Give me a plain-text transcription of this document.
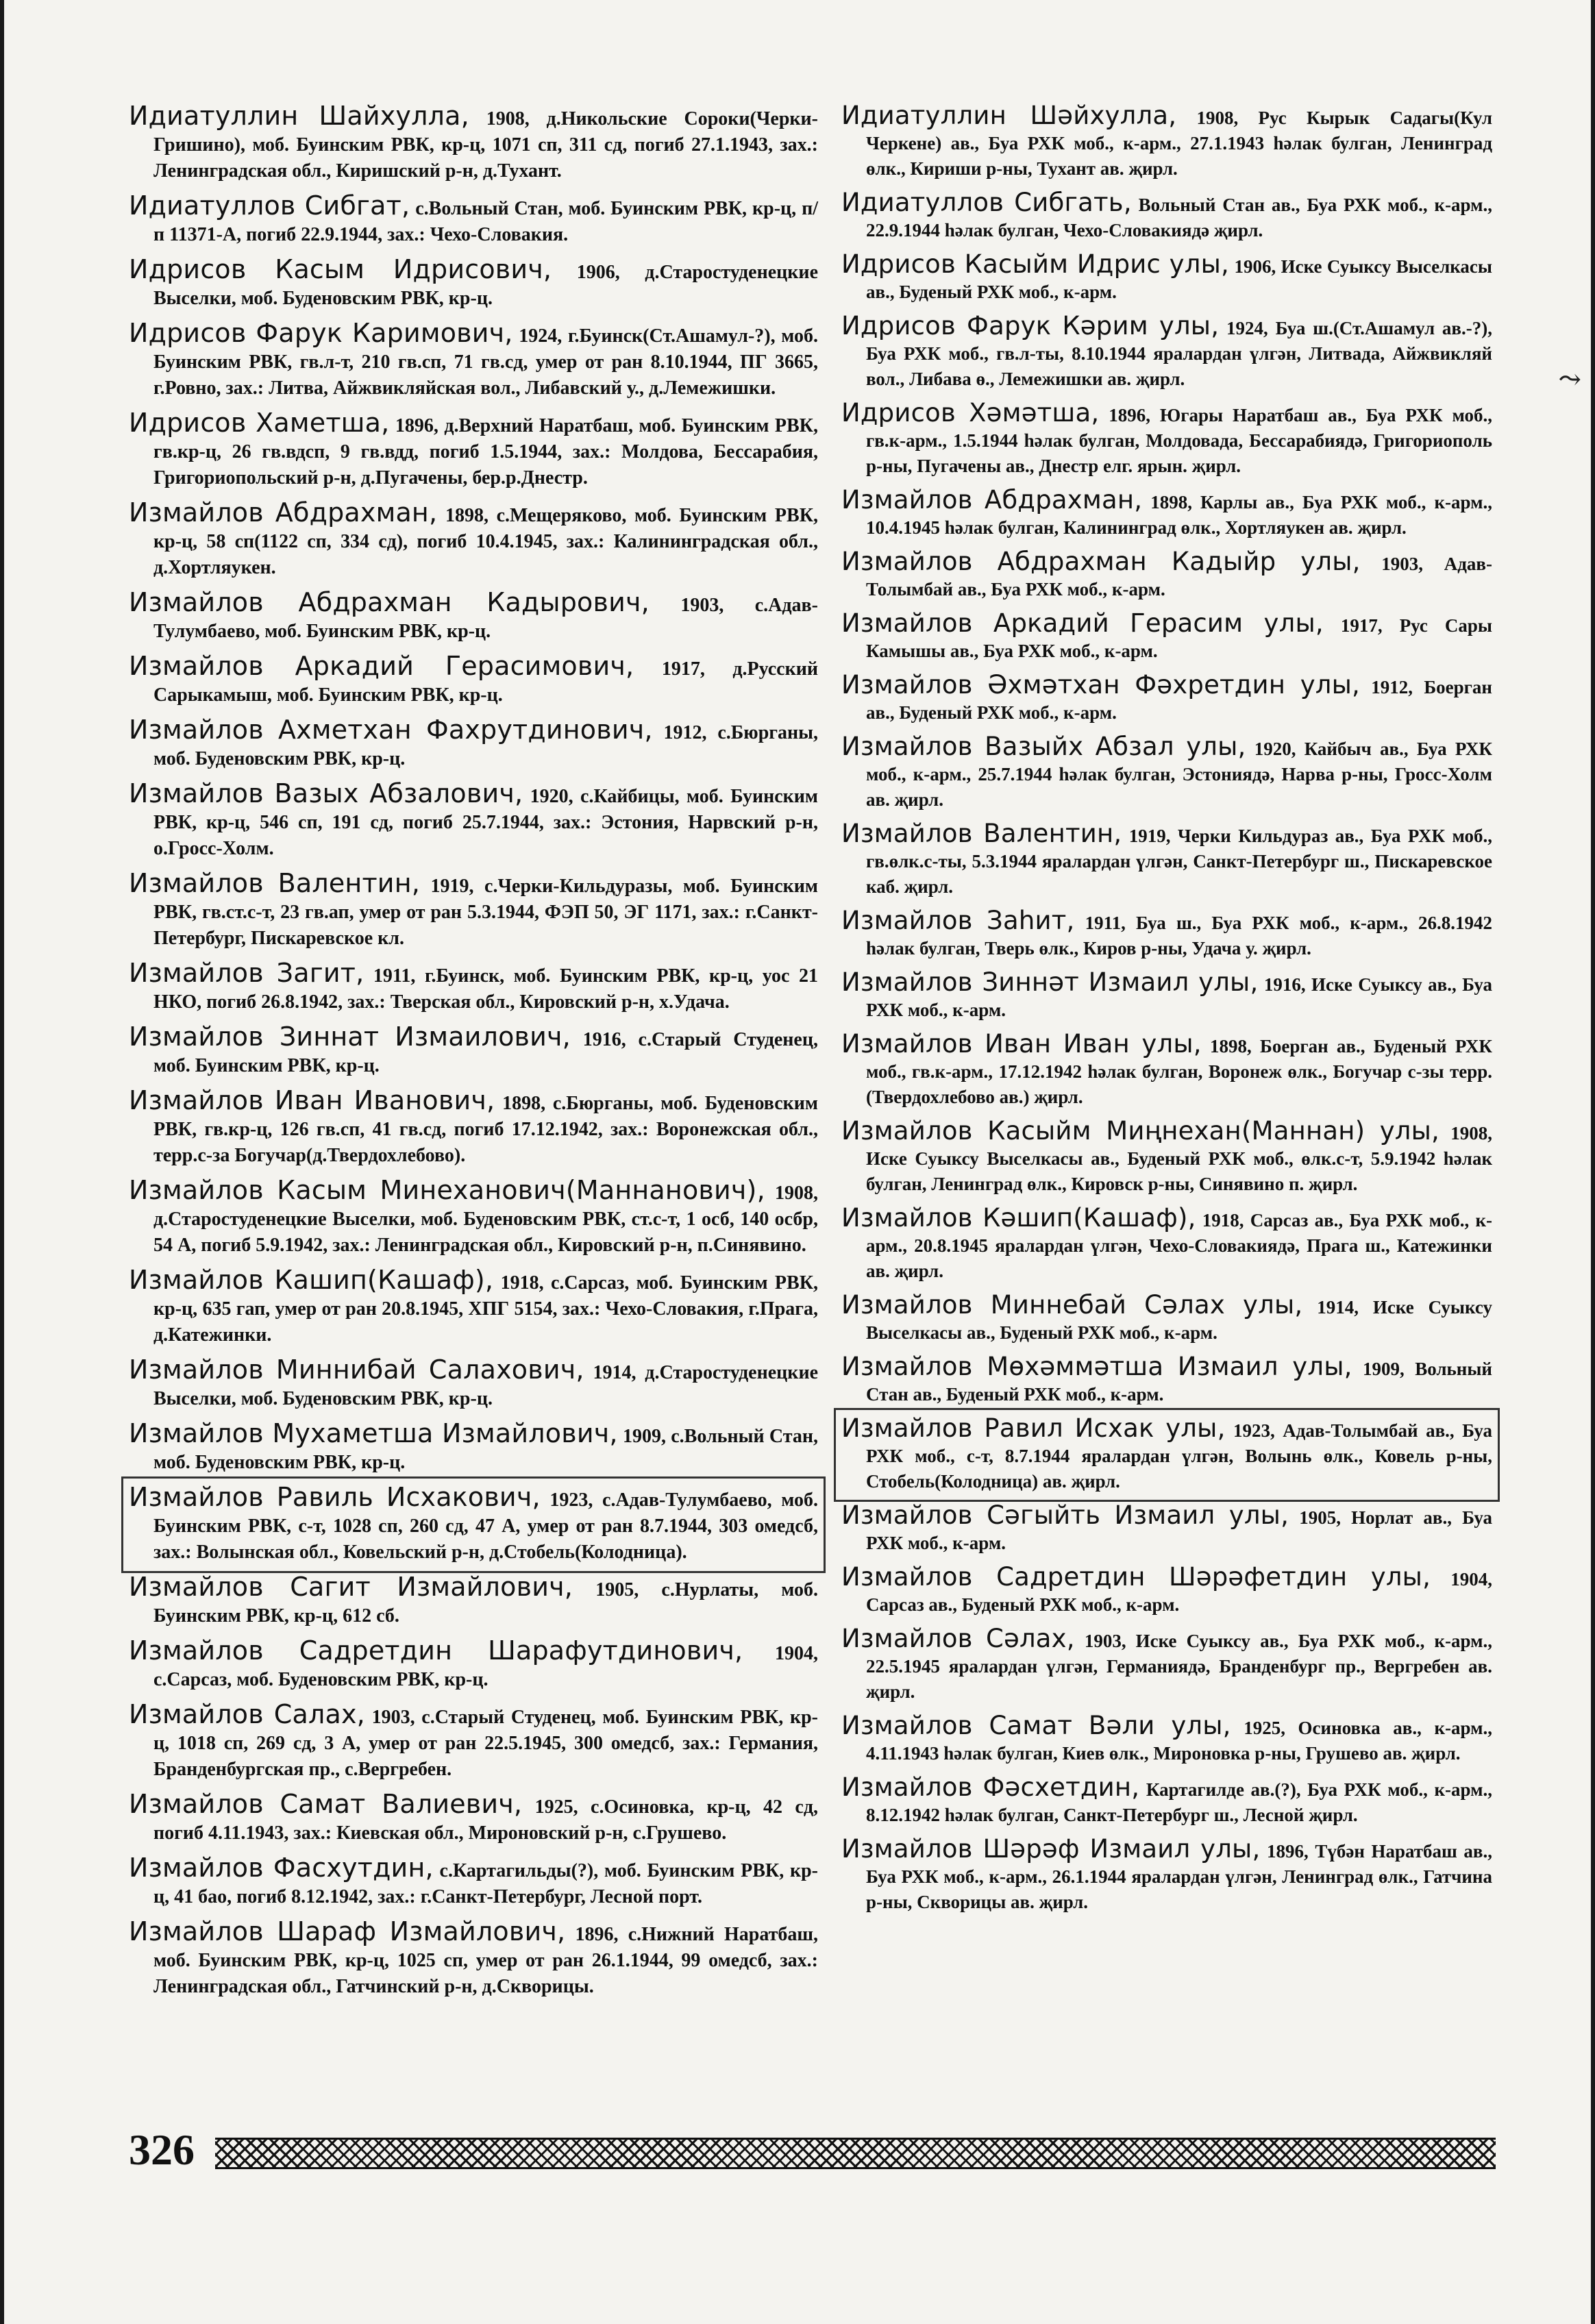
Идиатуллин Шайхулла, 1908, д.Никольские Сороки(Черки-Гришино), моб. Буинским РВК, кр-ц, 1071 сп, 311 сд, погиб 27.1.1943, зах.: Ленинградская обл., Киришский р-н, д.Тухант.

Идиатуллов Сибгат, с.Вольный Стан, моб. Буинским РВК, кр-ц, п/п 11371-А, погиб 22.9.1944, зах.: Чехо-Словакия.

Идрисов Касым Идрисович, 1906, д.Старостуденецкие Выселки, моб. Буденовским РВК, кр-ц.

Идрисов Фарук Каримович, 1924, г.Буинск(Ст.Ашамул-?), моб. Буинским РВК, гв.л-т, 210 гв.сп, 71 гв.сд, умер от ран 8.10.1944, ПГ 3665, г.Ровно, зах.: Литва, Айжвикляйская вол., Либавский у., д.Лемежишки.

Идрисов Хаметша, 1896, д.Верхний Наратбаш, моб. Буинским РВК, гв.кр-ц, 26 гв.вдсп, 9 гв.вдд, погиб 1.5.1944, зах.: Молдова, Бессарабия, Григориопольский р-н, д.Пугачены, бер.р.Днестр.

Измайлов Абдрахман, 1898, с.Мещеряково, моб. Буинским РВК, кр-ц, 58 сп(1122 сп, 334 сд), погиб 10.4.1945, зах.: Калининградская обл., д.Хортляукен.

Измайлов Абдрахман Кадырович, 1903, с.Адав-Тулумбаево, моб. Буинским РВК, кр-ц.

Измайлов Аркадий Герасимович, 1917, д.Русский Сарыкамыш, моб. Буинским РВК, кр-ц.

Измайлов Ахметхан Фахрутдинович, 1912, с.Бюрганы, моб. Буденовским РВК, кр-ц.

Измайлов Вазых Абзалович, 1920, с.Кайбицы, моб. Буинским РВК, кр-ц, 546 сп, 191 сд, погиб 25.7.1944, зах.: Эстония, Нарвский р-н, о.Гросс-Холм.

Измайлов Валентин, 1919, с.Черки-Кильдуразы, моб. Буинским РВК, гв.ст.с-т, 23 гв.ап, умер от ран 5.3.1944, ФЭП 50, ЭГ 1171, зах.: г.Санкт-Петербург, Пискаревское кл.

Измайлов Загит, 1911, г.Буинск, моб. Буинским РВК, кр-ц, уос 21 НКО, погиб 26.8.1942, зах.: Тверская обл., Кировский р-н, х.Удача.

Измайлов Зиннат Измаилович, 1916, с.Старый Студенец, моб. Буинским РВК, кр-ц.

Измайлов Иван Иванович, 1898, с.Бюрганы, моб. Буденовским РВК, гв.кр-ц, 126 гв.сп, 41 гв.сд, погиб 17.12.1942, зах.: Воронежская обл., терр.с-за Богучар(д.Твердохлебово).

Измайлов Касым Минеханович(Маннанович), 1908, д.Старостуденецкие Выселки, моб. Буденовским РВК, ст.с-т, 1 осб, 140 осбр, 54 А, погиб 5.9.1942, зах.: Ленинградская обл., Кировский р-н, п.Синявино.

Измайлов Кашип(Кашаф), 1918, с.Сарсаз, моб. Буинским РВК, кр-ц, 635 гап, умер от ран 20.8.1945, ХПГ 5154, зах.: Чехо-Словакия, г.Прага, д.Катежинки.

Измайлов Миннибай Салахович, 1914, д.Старостуденецкие Выселки, моб. Буденовским РВК, кр-ц.

Измайлов Мухаметша Измайлович, 1909, с.Вольный Стан, моб. Буденовским РВК, кр-ц.

Измайлов Равиль Исхакович, 1923, с.Адав-Тулумбаево, моб. Буинским РВК, с-т, 1028 сп, 260 сд, 47 А, умер от ран 8.7.1944, 303 омедсб, зах.: Волынская обл., Ковельский р-н, д.Стобель(Колодница).

Измайлов Сагит Измайлович, 1905, с.Нурлаты, моб. Буинским РВК, кр-ц, 612 сб.

Измайлов Садретдин Шарафутдинович, 1904, с.Сарсаз, моб. Буденовским РВК, кр-ц.

Измайлов Салах, 1903, с.Старый Студенец, моб. Буинским РВК, кр-ц, 1018 сп, 269 сд, 3 А, умер от ран 22.5.1945, 300 омедсб, зах.: Германия, Бранденбургская пр., с.Вергребен.

Измайлов Самат Валиевич, 1925, с.Осиновка, кр-ц, 42 сд, погиб 4.11.1943, зах.: Киевская обл., Мироновский р-н, с.Грушево.

Измайлов Фасхутдин, с.Картагильды(?), моб. Буинским РВК, кр-ц, 41 бао, погиб 8.12.1942, зах.: г.Санкт-Петербург, Лесной порт.

Измайлов Шараф Измайлович, 1896, с.Нижний Наратбаш, моб. Буинским РВК, кр-ц, 1025 сп, умер от ран 26.1.1944, 99 омедсб, зах.: Ленинградская обл., Гатчинский р-н, д.Скворицы.

Идиатуллин Шәйхулла, 1908, Рус Кырык Садагы(Кул Черкене) ав., Буа РХК моб., к-арм., 27.1.1943 һәлак булган, Ленинград өлк., Кириши р-ны, Тухант ав. җирл.

Идиатуллов Сибгать, Вольный Стан ав., Буа РХК моб., к-арм., 22.9.1944 һәлак булган, Чехо-Словакиядә җирл.

Идрисов Касыйм Идрис улы, 1906, Иске Суыксу Выселкасы ав., Буденый РХК моб., к-арм.

Идрисов Фарук Кәрим улы, 1924, Буа ш.(Ст.Ашамул ав.-?), Буа РХК моб., гв.л-ты, 8.10.1944 яралардан үлгән, Литвада, Айжвикляй вол., Либава ө., Лемежишки ав. җирл.

Идрисов Хәмәтша, 1896, Югары Наратбаш ав., Буа РХК моб., гв.к-арм., 1.5.1944 һәлак булган, Молдовада, Бессарабиядә, Григориополь р-ны, Пугачены ав., Днестр елг. ярын. җирл.

Измайлов Абдрахман, 1898, Карлы ав., Буа РХК моб., к-арм., 10.4.1945 һәлак булган, Калининград өлк., Хортляукен ав. җирл.

Измайлов Абдрахман Кадыйр улы, 1903, Адав-Толымбай ав., Буа РХК моб., к-арм.

Измайлов Аркадий Герасим улы, 1917, Рус Сары Камышы ав., Буа РХК моб., к-арм.

Измайлов Әхмәтхан Фәхретдин улы, 1912, Боерган ав., Буденый РХК моб., к-арм.

Измайлов Вазыйх Абзал улы, 1920, Кайбыч ав., Буа РХК моб., к-арм., 25.7.1944 һәлак булган, Эстониядә, Нарва р-ны, Гросс-Холм ав. җирл.

Измайлов Валентин, 1919, Черки Кильдураз ав., Буа РХК моб., гв.өлк.с-ты, 5.3.1944 яралардан үлгән, Санкт-Петербург ш., Пискаревское каб. җирл.

Измайлов Заһит, 1911, Буа ш., Буа РХК моб., к-арм., 26.8.1942 һәлак булган, Тверь өлк., Киров р-ны, Удача у. җирл.

Измайлов Зиннәт Измаил улы, 1916, Иске Суыксу ав., Буа РХК моб., к-арм.

Измайлов Иван Иван улы, 1898, Боерган ав., Буденый РХК моб., гв.к-арм., 17.12.1942 һәлак булган, Воронеж өлк., Богучар с-зы терр.(Твердохлебово ав.) җирл.

Измайлов Касыйм Миңнехан(Маннан) улы, 1908, Иске Суыксу Выселкасы ав., Буденый РХК моб., өлк.с-т, 5.9.1942 һәлак булган, Ленинград өлк., Кировск р-ны, Синявино п. җирл.

Измайлов Кәшип(Кашаф), 1918, Сарсаз ав., Буа РХК моб., к-арм., 20.8.1945 яралардан үлгән, Чехо-Словакиядә, Прага ш., Катежинки ав. җирл.

Измайлов Миннебай Сәлах улы, 1914, Иске Суыксу Выселкасы ав., Буденый РХК моб., к-арм.

Измайлов Мөхәммәтша Измаил улы, 1909, Вольный Стан ав., Буденый РХК моб., к-арм.

Измайлов Равил Исхак улы, 1923, Адав-Толымбай ав., Буа РХК моб., с-т, 8.7.1944 яралардан үлгән, Волынь өлк., Ковель р-ны, Стобель(Колодница) ав. җирл.

Измайлов Сәгыйть Измаил улы, 1905, Норлат ав., Буа РХК моб., к-арм.

Измайлов Садретдин Шәрәфетдин улы, 1904, Сарсаз ав., Буденый РХК моб., к-арм.

Измайлов Сәлах, 1903, Иске Суыксу ав., Буа РХК моб., к-арм., 22.5.1945 яралардан үлгән, Германиядә, Бранденбург пр., Вергребен ав. җирл.

Измайлов Самат Вәли улы, 1925, Осиновка ав., к-арм., 4.11.1943 һәлак булган, Киев өлк., Мироновка р-ны, Грушево ав. җирл.

Измайлов Фәсхетдин, Картагилде ав.(?), Буа РХК моб., к-арм., 8.12.1942 һәлак булган, Санкт-Петербург ш., Лесной җирл.

Измайлов Шәрәф Измаил улы, 1896, Түбән Наратбаш ав., Буа РХК моб., к-арм., 26.1.1944 яралардан үлгән, Ленинград өлк., Гатчина р-ны, Скворицы ав. җирл.

⤳
326
